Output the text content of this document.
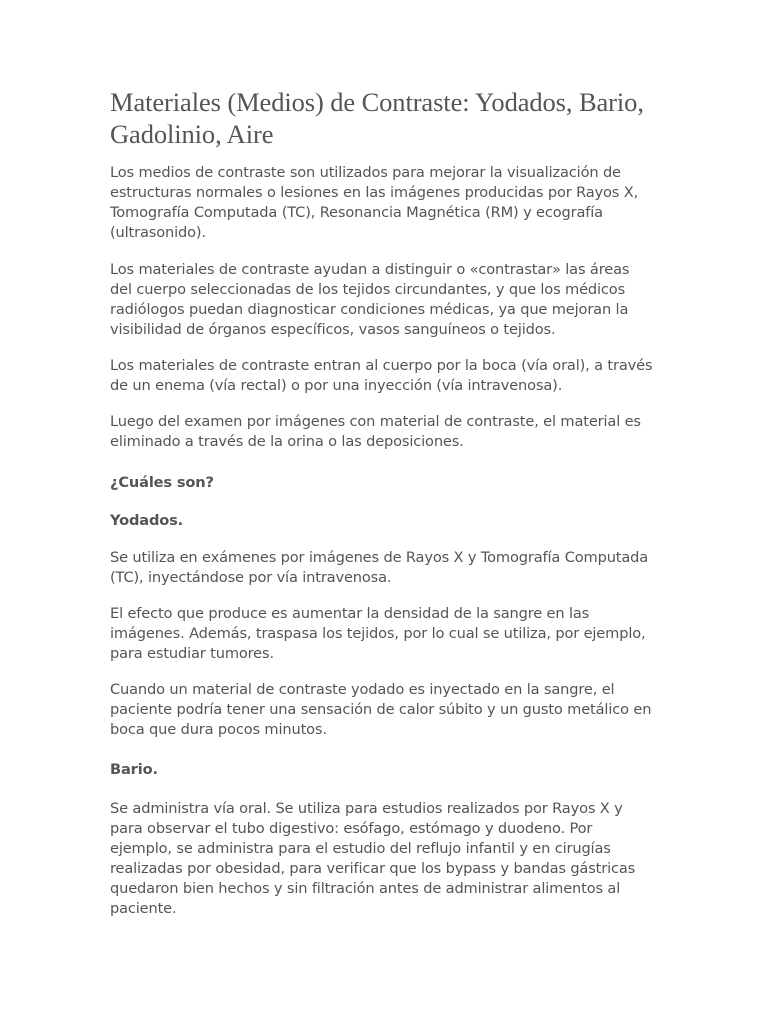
Materiales (Medios) de Contraste: Yodados, Bario, Gadolinio, Aire

Los medios de contraste son utilizados para mejorar la visualización de estructuras normales o lesiones en las imágenes producidas por Rayos X, Tomografía Computada (TC), Resonancia Magnética (RM) y ecografía (ultrasonido).

Los materiales de contraste ayudan a distinguir o «contrastar» las áreas del cuerpo seleccionadas de los tejidos circundantes, y que los médicos radiólogos puedan diagnosticar condiciones médicas, ya que mejoran la visibilidad de órganos específicos, vasos sanguíneos o tejidos.

Los materiales de contraste entran al cuerpo por la boca (vía oral), a través de un enema (vía rectal) o por una inyección (vía intravenosa).

Luego del examen por imágenes con material de contraste, el material es eliminado a través de la orina o las deposiciones.

¿Cuáles son?

Yodados.

Se utiliza en exámenes por imágenes de Rayos X y Tomografía Computada (TC), inyectándose por vía intravenosa.

El efecto que produce es aumentar la densidad de la sangre en las imágenes. Además, traspasa los tejidos, por lo cual se utiliza, por ejemplo, para estudiar tumores.

Cuando un material de contraste yodado es inyectado en la sangre, el paciente podría tener una sensación de calor súbito y un gusto metálico en boca que dura pocos minutos.

Bario.

Se administra vía oral. Se utiliza para estudios realizados por Rayos X y para observar el tubo digestivo: esófago, estómago y duodeno. Por ejemplo, se administra para el estudio del reflujo infantil y en cirugías realizadas por obesidad, para verificar que los bypass y bandas gástricas quedaron bien hechos y sin filtración antes de administrar alimentos al paciente.
